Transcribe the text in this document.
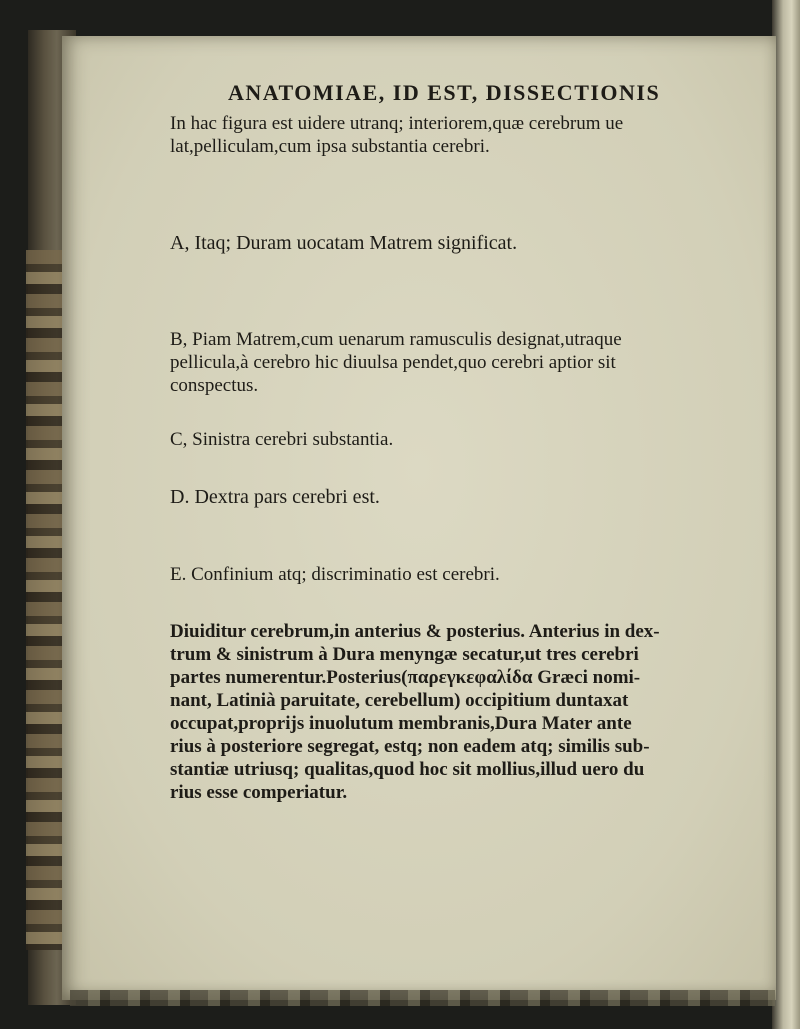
ANATOMIAE, ID EST, DISSECTIONIS
In hac figura est uidere utranq; interiorem,quæ cerebrum ue
lat,pelliculam,cum ipsa substantia cerebri.
A, Itaq; Duram uocatam Matrem significat.
B, Piam Matrem,cum uenarum ramusculis designat,utraque
pellicula,à cerebro hic diuulsa pendet,quo cerebri aptior sit
conspectus.
C, Sinistra cerebri substantia.
D. Dextra pars cerebri est.
E. Confinium atq; discriminatio est cerebri.
Diuiditur cerebrum,in anterius & posterius. Anterius in dex-
trum & sinistrum à Dura menyngæ secatur,ut tres cerebri
partes numerentur.Posterius(παρεγκεφαλίδα Græci nomi-
nant, Latinià paruitate, cerebellum) occipitium duntaxat
occupat,proprijs inuolutum membranis,Dura Mater ante
rius à posteriore segregat, estq; non eadem atq; similis sub-
stantiæ utriusq; qualitas,quod hoc sit mollius,illud uero du
rius esse comperiatur.
